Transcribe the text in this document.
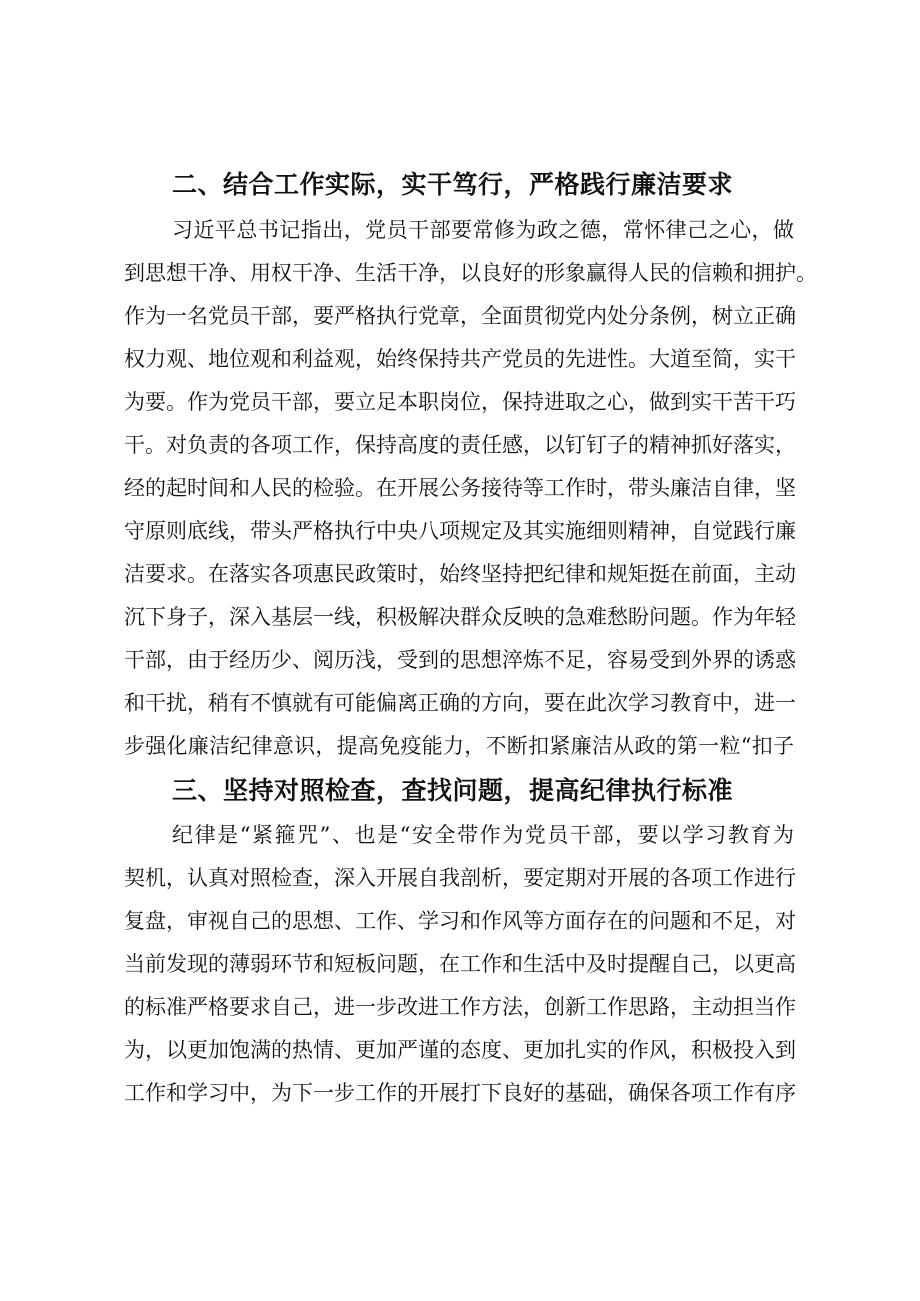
二、结合工作实际，实干笃行，严格践行廉洁要求
习近平总书记指出，党员干部要常修为政之德，常怀律己之心，做
到思想干净、用权干净、生活干净，以良好的形象赢得人民的信赖和拥护。
作为一名党员干部，要严格执行党章，全面贯彻党内处分条例，树立正确
权力观、地位观和利益观，始终保持共产党员的先进性。大道至简，实干
为要。作为党员干部，要立足本职岗位，保持进取之心，做到实干苦干巧
干。对负责的各项工作，保持高度的责任感，以钉钉子的精神抓好落实，
经的起时间和人民的检验。在开展公务接待等工作时，带头廉洁自律，坚
守原则底线，带头严格执行中央八项规定及其实施细则精神，自觉践行廉
洁要求。在落实各项惠民政策时，始终坚持把纪律和规矩挺在前面，主动
沉下身子，深入基层一线，积极解决群众反映的急难愁盼问题。作为年轻
干部，由于经历少、阅历浅，受到的思想淬炼不足，容易受到外界的诱惑
和干扰，稍有不慎就有可能偏离正确的方向，要在此次学习教育中，进一
步强化廉洁纪律意识，提高免疫能力，不断扣紧廉洁从政的第一粒“扣子
三、坚持对照检查，查找问题，提高纪律执行标准
纪律是“紧箍咒”、也是“安全带作为党员干部，要以学习教育为
契机，认真对照检查，深入开展自我剖析，要定期对开展的各项工作进行
复盘，审视自己的思想、工作、学习和作风等方面存在的问题和不足，对
当前发现的薄弱环节和短板问题，在工作和生活中及时提醒自己，以更高
的标准严格要求自己，进一步改进工作方法，创新工作思路，主动担当作
为，以更加饱满的热情、更加严谨的态度、更加扎实的作风，积极投入到
工作和学习中，为下一步工作的开展打下良好的基础，确保各项工作有序
